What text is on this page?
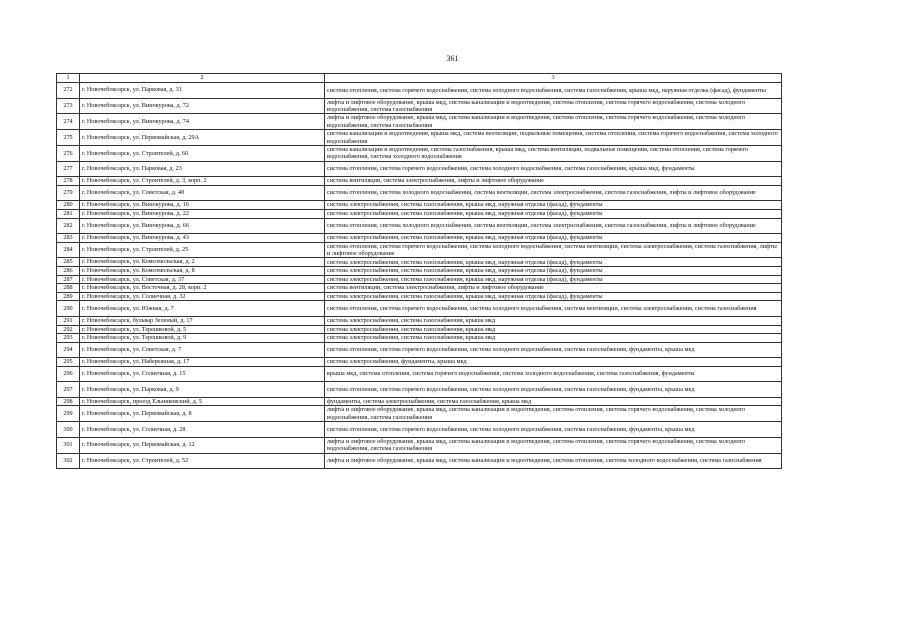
361
1	2	3
272	г. Новочебоксарск, ул. Парковая, д. 31	система отопления, система горячего водоснабжения, система холодного водоснабжения, система газоснабжения, крыша мкд, наружная отделка (фасад), фундаменты
273	г. Новочебоксарск, ул. Винокурова, д. 72	лифты и лифтовое оборудование, крыша мкд, система канализации и водоотведения, система отопления, система горячего водоснабжения, система холодного водоснабжения, система газоснабжения
274	г. Новочебоксарск, ул. Винокурова, д. 74	лифты и лифтовое оборудование, крыша мкд, система канализации и водоотведения, система отопления, система горячего водоснабжения, система холодного водоснабжения, система газоснабжения
275	г. Новочебоксарск, ул. Первомайская, д. 29А	система канализации и водоотведения, крыша мкд, система вентиляции, подвальные помещения, система отопления, система горячего водоснабжения, система холодного водоснабжения
276	г. Новочебоксарск, ул. Строителей, д. 60	система канализации и водоотведения, система газоснабжения, крыша мкд, система вентиляции, подвальные помещения, система отопления, система горячего водоснабжения, система холодного водоснабжения
277	г. Новочебоксарск, ул. Парковая, д. 23	система отопления, система горячего водоснабжения, система холодного водоснабжения, система газоснабжения, крыша мкд, фундаменты
278	г. Новочебоксарск, ул. Строителей, д. 3, корп. 2	система вентиляции, система электроснабжения, лифты и лифтовое оборудование
279	г. Новочебоксарск, ул. Советская, д. 40	система отопления, система холодного водоснабжения, система вентиляции, система электроснабжения, система газоснабжения, лифты и лифтовое оборудование
280	г. Новочебоксарск, ул. Винокурова, д. 16	система электроснабжения, система газоснабжения, крыша мкд, наружная отделка (фасад), фундаменты
281	г. Новочебоксарск, ул. Винокурова, д. 22	система электроснабжения, система газоснабжения, крыша мкд, наружная отделка (фасад), фундаменты
282	г. Новочебоксарск, ул. Винокурова, д. 66	система отопления, система холодного водоснабжения, система вентиляции, система электроснабжения, система газоснабжения, лифты и лифтовое оборудование
283	г. Новочебоксарск, ул. Винокурова, д. 43	система электроснабжения, система газоснабжения, крыша мкд, наружная отделка (фасад), фундаменты
284	г. Новочебоксарск, ул. Строителей, д. 25	система отопления, система горячего водоснабжения, система холодного водоснабжения, система вентиляции, система электроснабжения, система газоснабжения, лифты и лифтовое оборудование
285	г. Новочебоксарск, ул. Комсомольская, д. 2	система электроснабжения, система газоснабжения, крыша мкд, наружная отделка (фасад), фундаменты
286	г. Новочебоксарск, ул. Комсомольская, д. 8	система электроснабжения, система газоснабжения, крыша мкд, наружная отделка (фасад), фундаменты
287	г. Новочебоксарск, ул. Советская, д. 37	система электроснабжения, система газоснабжения, крыша мкд, наружная отделка (фасад), фундаменты
288	г. Новочебоксарск, ул. Восточная, д. 28, корп. 2	система вентиляции, система электроснабжения, лифты и лифтовое оборудование
289	г. Новочебоксарск, ул. Солнечная, д. 32	система электроснабжения, система газоснабжения, крыша мкд, наружная отделка (фасад), фундаменты
290	г. Новочебоксарск, ул. Южная, д. 7	система отопления, система горячего водоснабжения, система холодного водоснабжения, система вентиляции, система электроснабжения, система газоснабжения
291	г. Новочебоксарск, бульвар Зеленый, д. 17	система электроснабжения, система газоснабжения, крыша мкд
292	г. Новочебоксарск, ул. Терешковой, д. 5	система электроснабжения, система газоснабжения, крыша мкд
293	г. Новочебоксарск, ул. Терешковой, д. 9	система электроснабжения, система газоснабжения, крыша мкд
294	г. Новочебоксарск, ул. Советская, д. 7	система отопления, система горячего водоснабжения, система холодного водоснабжения, система газоснабжения, фундаменты, крыша мкд
295	г. Новочебоксарск, ул. Набережная, д. 17	система электроснабжения, фундаменты, крыша мкд
296	г. Новочебоксарск, ул. Солнечная, д. 15	крыша мкд, система отопления, система горячего водоснабжения, система холодного водоснабжения, система газоснабжения, фундаменты
297	г. Новочебоксарск, ул. Парковая, д. 9	система отопления, система горячего водоснабжения, система холодного водоснабжения, система газоснабжения, фундаменты, крыша мкд
298	г. Новочебоксарск, проезд Ельниковский, д. 5	фундаменты, система электроснабжения, система газоснабжения, крыша мкд
299	г. Новочебоксарск, ул. Первомайская, д. 8	лифты и лифтовое оборудование, крыша мкд, система канализации и водоотведения, система отопления, система горячего водоснабжения, система холодного водоснабжения, система газоснабжения
300	г. Новочебоксарск, ул. Солнечная, д. 28	система отопления, система горячего водоснабжения, система холодного водоснабжения, система газоснабжения, фундаменты, крыша мкд
301	г. Новочебоксарск, ул. Первомайская, д. 12	лифты и лифтовое оборудование, крыша мкд, система канализации и водоотведения, система отопления, система горячего водоснабжения, система холодного водоснабжения, система газоснабжения
302	г. Новочебоксарск, ул. Строителей, д. 52	лифты и лифтовое оборудование, крыша мкд, система канализации и водоотведения, система отопления, система холодного водоснабжения, система газоснабжения
